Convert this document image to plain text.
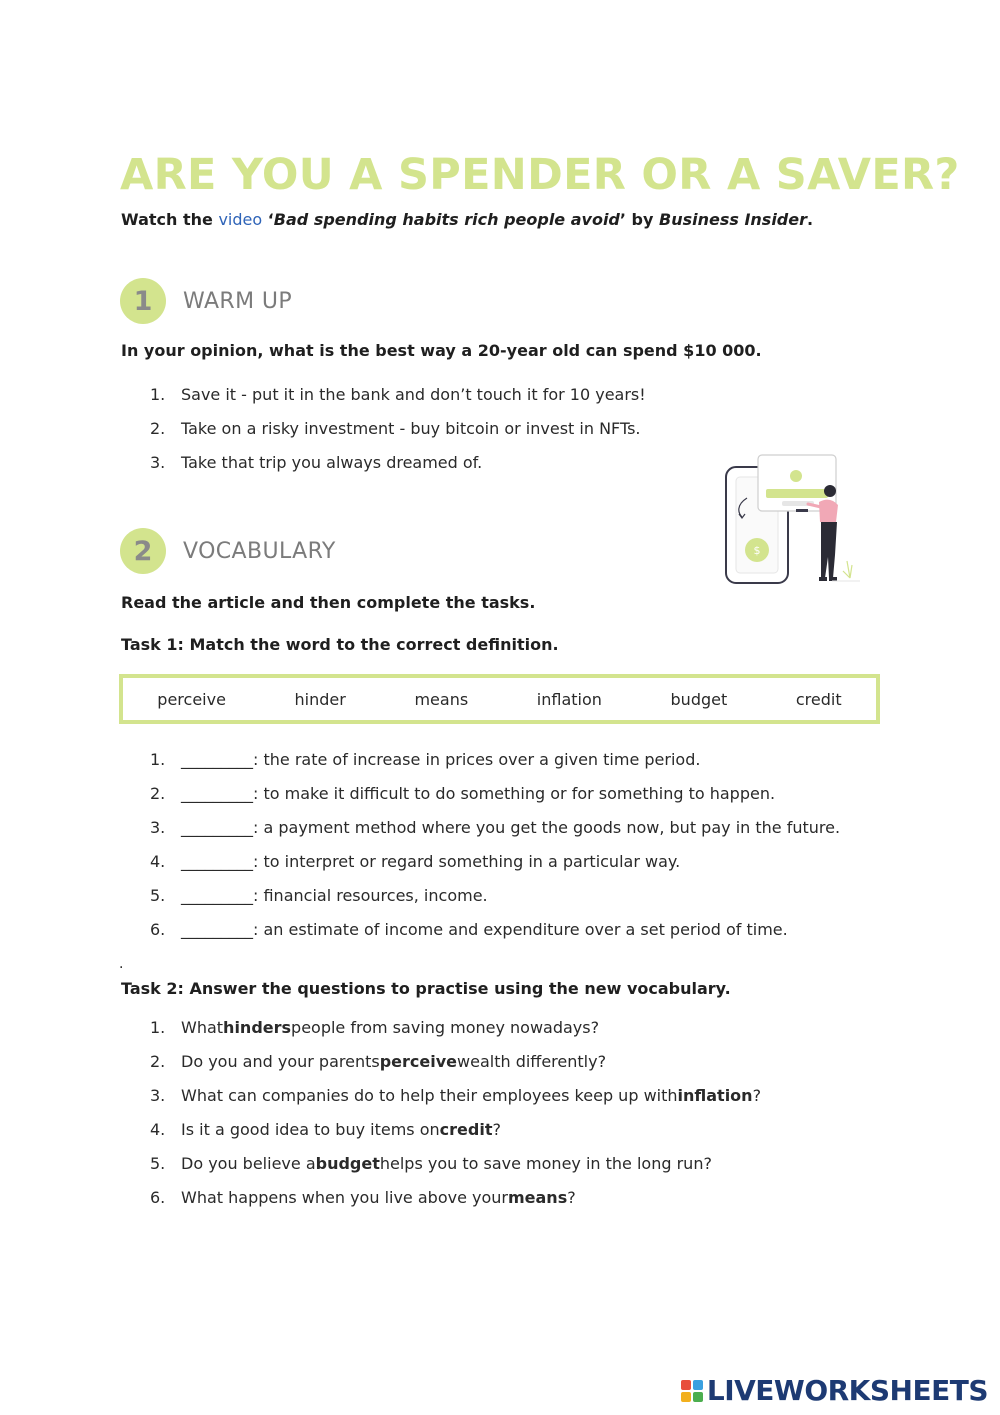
ARE YOU A SPENDER OR A SAVER?
Watch the video ‘Bad spending habits rich people avoid’ by Business Insider.
1	WARM UP
In your opinion, what is the best way a 20-year old can spend $10 000.
1. Save it - put it in the bank and don’t touch it for 10 years!
2. Take on a risky investment - buy bitcoin or invest in NFTs.
3. Take that trip you always dreamed of.
$
2	VOCABULARY
Read the article and then complete the tasks.
Task 1: Match the word to the correct definition.
perceive	hinder	means	inflation	budget	credit
1. _________ : the rate of increase in prices over a given time period.
2. _________ : to make it difficult to do something or for something to happen.
3. _________ : a payment method where you get the goods now, but pay in the future.
4. _________ : to interpret or regard something in a particular way.
5. _________ : financial resources, income.
6. _________ : an estimate of income and expenditure over a set period of time.
.
Task 2: Answer the questions to practise using the new vocabulary.
1. What hinders people from saving money nowadays?
2. Do you and your parents perceive wealth differently?
3. What can companies do to help their employees keep up with inflation ?
4. Is it a good idea to buy items on credit ?
5. Do you believe a budget helps you to save money in the long run?
6. What happens when you live above your means ?
LIVEWORKSHEETS
